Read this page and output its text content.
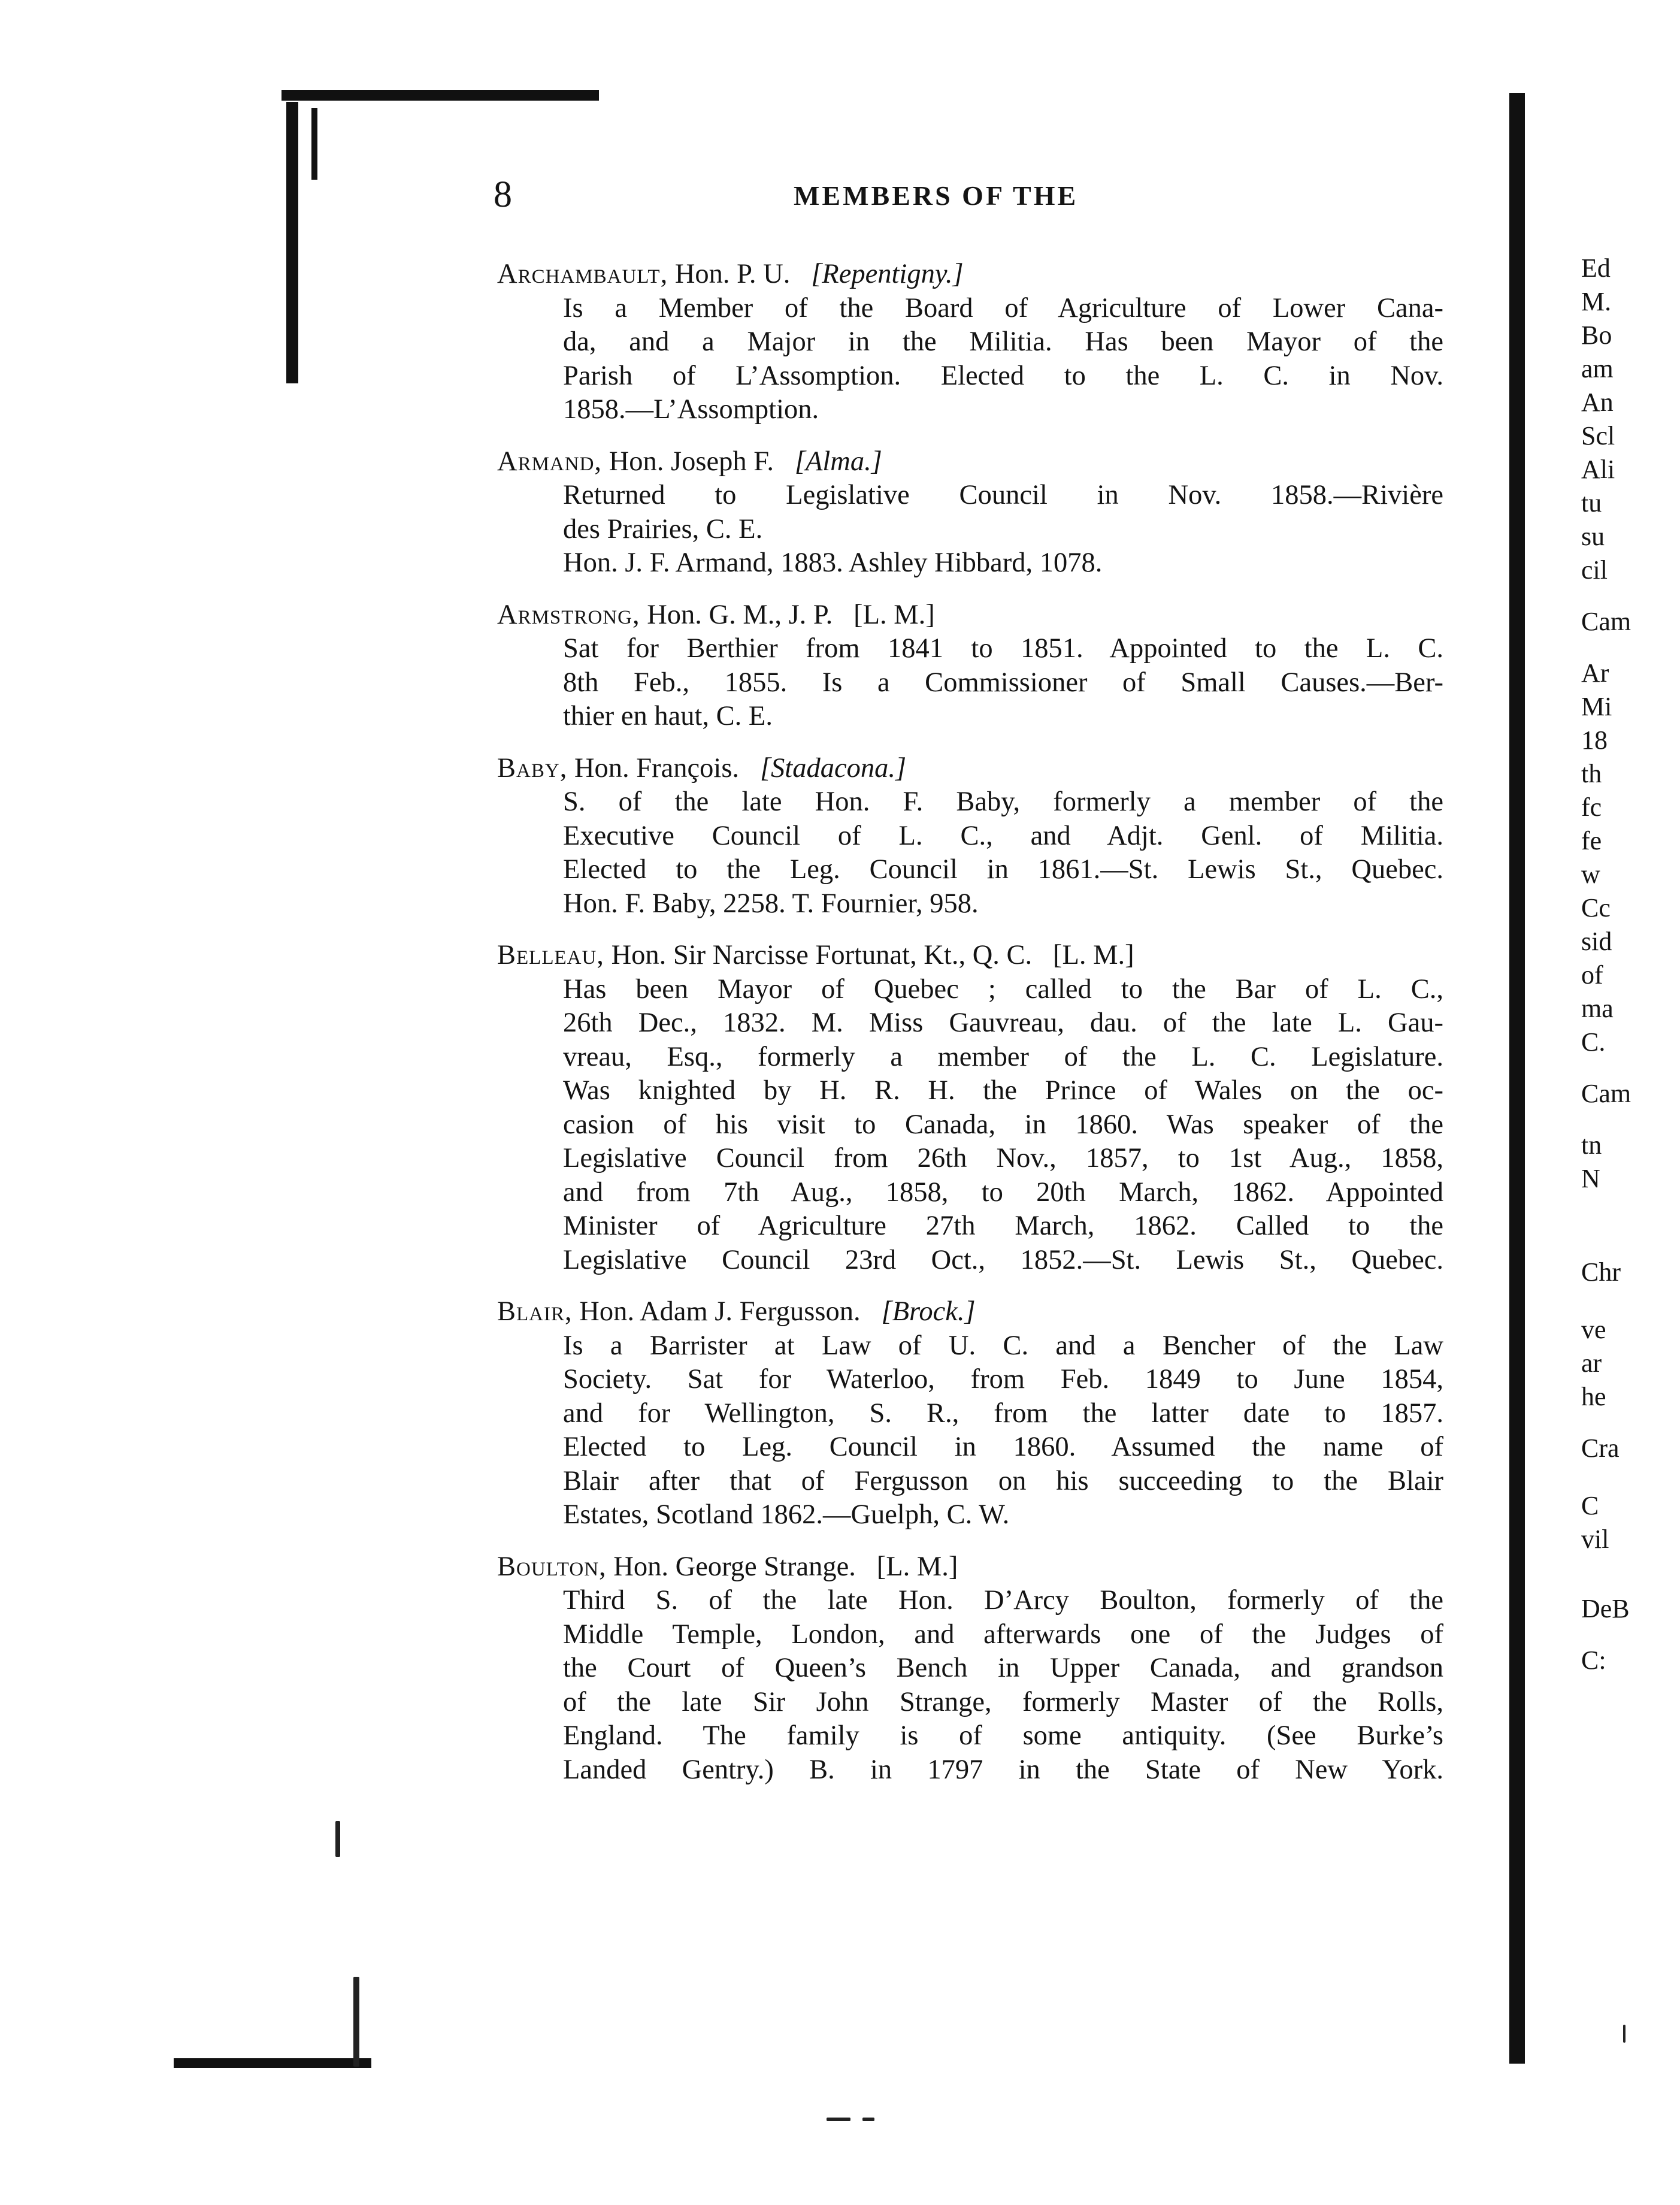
8	MEMBERS OF THE
Archambault, Hon. P. U. [Repentigny.]
Is a Member of the Board of Agriculture of Lower Cana-
da, and a Major in the Militia. Has been Mayor of the
Parish of L’Assomption. Elected to the L. C. in Nov.
1858.—L’Assomption.
Armand, Hon. Joseph F. [Alma.]
Returned to Legislative Council in Nov. 1858.—Rivière
des Prairies, C. E.
Hon. J. F. Armand, 1883. Ashley Hibbard, 1078.
Armstrong, Hon. G. M., J. P. [L. M.]
Sat for Berthier from 1841 to 1851. Appointed to the L. C.
8th Feb., 1855. Is a Commissioner of Small Causes.—Ber-
thier en haut, C. E.
Baby, Hon. François. [Stadacona.]
S. of the late Hon. F. Baby, formerly a member of the
Executive Council of L. C., and Adjt. Genl. of Militia.
Elected to the Leg. Council in 1861.—St. Lewis St., Quebec.
Hon. F. Baby, 2258. T. Fournier, 958.
Belleau, Hon. Sir Narcisse Fortunat, Kt., Q. C. [L. M.]
Has been Mayor of Quebec ; called to the Bar of L. C.,
26th Dec., 1832. M. Miss Gauvreau, dau. of the late L. Gau-
vreau, Esq., formerly a member of the L. C. Legislature.
Was knighted by H. R. H. the Prince of Wales on the oc-
casion of his visit to Canada, in 1860. Was speaker of the
Legislative Council from 26th Nov., 1857, to 1st Aug., 1858,
and from 7th Aug., 1858, to 20th March, 1862. Appointed
Minister of Agriculture 27th March, 1862. Called to the
Legislative Council 23rd Oct., 1852.—St. Lewis St., Quebec.
Blair, Hon. Adam J. Fergusson. [Brock.]
Is a Barrister at Law of U. C. and a Bencher of the Law
Society. Sat for Waterloo, from Feb. 1849 to June 1854,
and for Wellington, S. R., from the latter date to 1857.
Elected to Leg. Council in 1860. Assumed the name of
Blair after that of Fergusson on his succeeding to the Blair
Estates, Scotland 1862.—Guelph, C. W.
Boulton, Hon. George Strange. [L. M.]
Third S. of the late Hon. D’Arcy Boulton, formerly of the
Middle Temple, London, and afterwards one of the Judges of
the Court of Queen’s Bench in Upper Canada, and grandson
of the late Sir John Strange, formerly Master of the Rolls,
England. The family is of some antiquity. (See Burke’s
Landed Gentry.) B. in 1797 in the State of New York.
Ed
M.
Bo
am
An
Scl
Ali
tu
su
cil
Cam
Ar
Mi
18
th
fc
fe
w
Cc
sid
of
ma
C.
Cam
tn
N
Chr
ve
ar
he
Cra
C
vil
DeB
C:
